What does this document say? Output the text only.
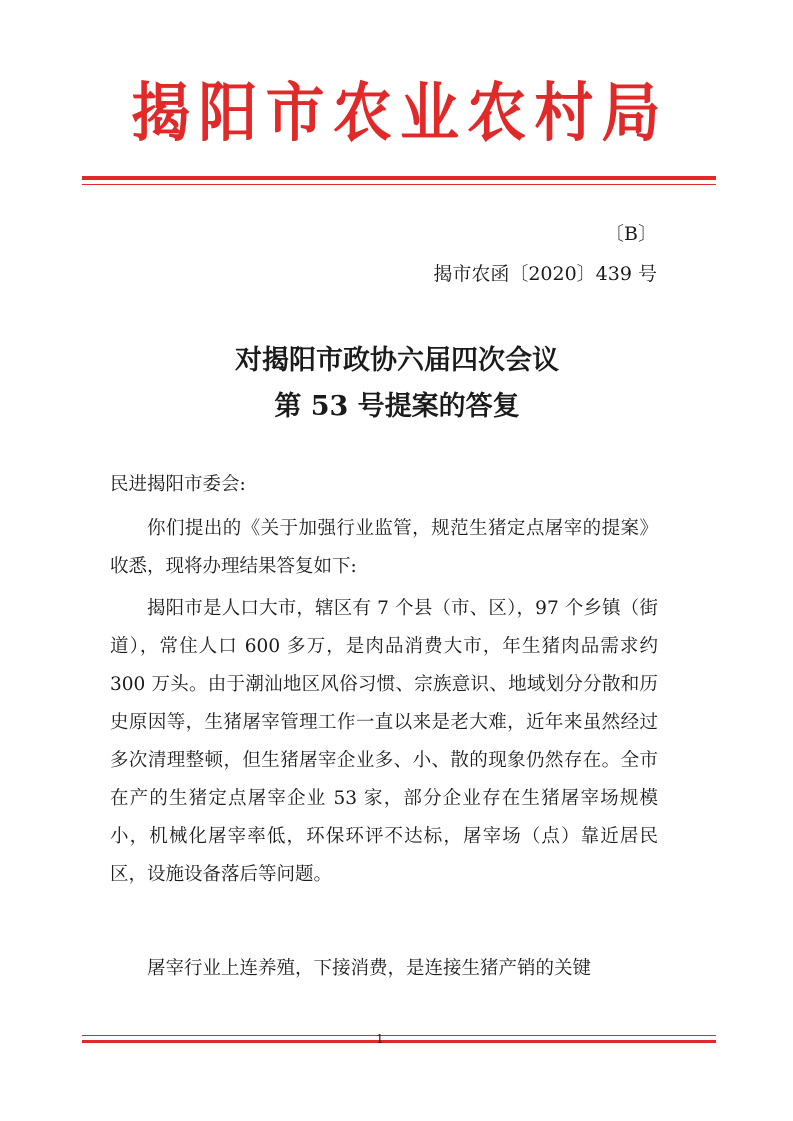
揭阳市农业农村局
〔B〕
揭市农函〔2020〕439 号
对揭阳市政协六届四次会议
第 53 号提案的答复
民进揭阳市委会:
你们提出的《关于加强行业监管，规范生猪定点屠宰的提案》收悉，现将办理结果答复如下:
揭阳市是人口大市，辖区有 7 个县（市、区），97 个乡镇（街道），常住人口 600 多万，是肉品消费大市，年生猪肉品需求约 300 万头。由于潮汕地区风俗习惯、宗族意识、地域划分分散和历史原因等，生猪屠宰管理工作一直以来是老大难，近年来虽然经过多次清理整顿，但生猪屠宰企业多、小、散的现象仍然存在。全市在产的生猪定点屠宰企业 53 家，部分企业存在生猪屠宰场规模小，机械化屠宰率低，环保环评不达标，屠宰场（点）靠近居民区，设施设备落后等问题。
屠宰行业上连养殖，下接消费，是连接生猪产销的关键
1
